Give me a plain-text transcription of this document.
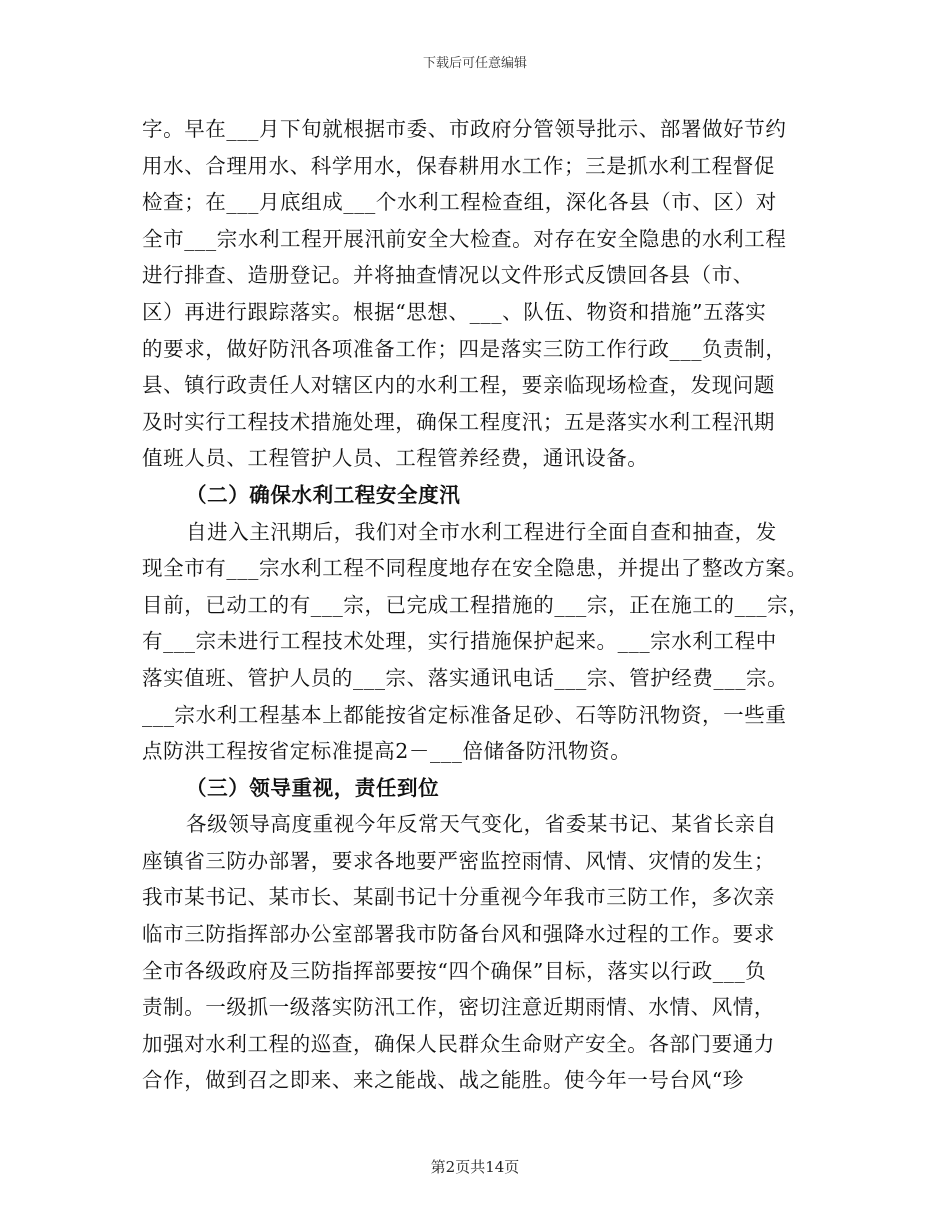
下载后可任意编辑
字。早在___月下旬就根据市委、市政府分管领导批示、部署做好节约
用水、合理用水、科学用水，保春耕用水工作；三是抓水利工程督促
检查；在___月底组成___个水利工程检查组，深化各县（市、区）对
全市___宗水利工程开展汛前安全大检查。对存在安全隐患的水利工程
进行排查、造册登记。并将抽查情况以文件形式反馈回各县（市、
区）再进行跟踪落实。根据“思想、___、队伍、物资和措施”五落实
的要求，做好防汛各项准备工作；四是落实三防工作行政___负责制，
县、镇行政责任人对辖区内的水利工程，要亲临现场检查，发现问题
及时实行工程技术措施处理，确保工程度汛；五是落实水利工程汛期
值班人员、工程管护人员、工程管养经费，通讯设备。
（二）确保水利工程安全度汛
自进入主汛期后，我们对全市水利工程进行全面自查和抽查，发
现全市有___宗水利工程不同程度地存在安全隐患，并提出了整改方案。
目前，已动工的有___宗，已完成工程措施的___宗，正在施工的___宗，
有___宗未进行工程技术处理，实行措施保护起来。___宗水利工程中
落实值班、管护人员的___宗、落实通讯电话___宗、管护经费___宗。
___宗水利工程基本上都能按省定标准备足砂、石等防汛物资，一些重
点防洪工程按省定标准提高2－___倍储备防汛物资。
（三）领导重视，责任到位
各级领导高度重视今年反常天气变化，省委某书记、某省长亲自
座镇省三防办部署，要求各地要严密监控雨情、风情、灾情的发生；
我市某书记、某市长、某副书记十分重视今年我市三防工作，多次亲
临市三防指挥部办公室部署我市防备台风和强降水过程的工作。要求
全市各级政府及三防指挥部要按“四个确保”目标，落实以行政___负
责制。一级抓一级落实防汛工作，密切注意近期雨情、水情、风情，
加强对水利工程的巡查，确保人民群众生命财产安全。各部门要通力
合作，做到召之即来、来之能战、战之能胜。使今年一号台风“珍
第2页共14页
